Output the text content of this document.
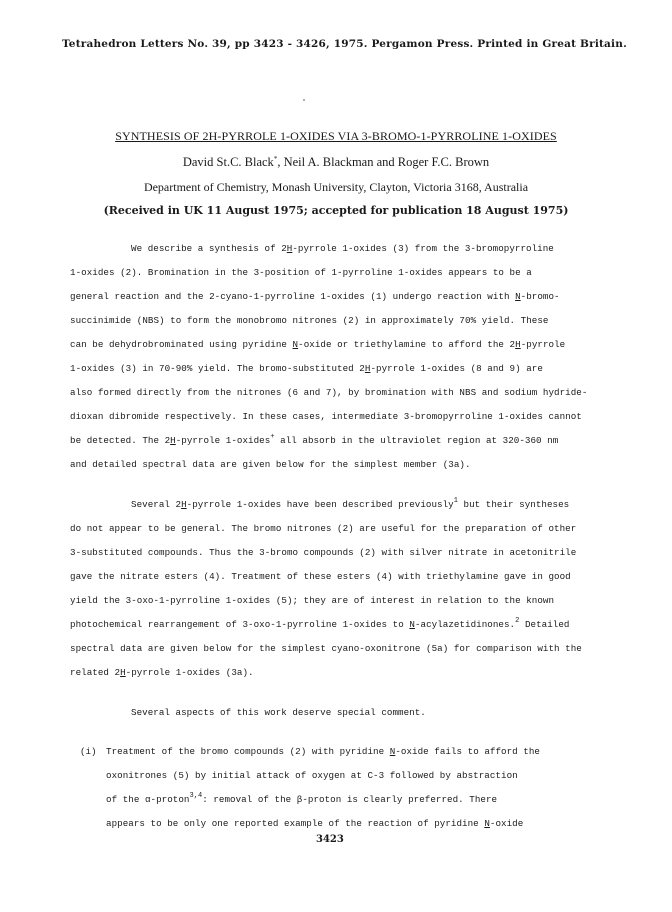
Tetrahedron Letters No. 39, pp 3423 - 3426, 1975. Pergamon Press. Printed in Great Britain.
SYNTHESIS OF 2H-PYRROLE 1-OXIDES VIA 3-BROMO-1-PYRROLINE 1-OXIDES
David St.C. Black*, Neil A. Blackman and Roger F.C. Brown
Department of Chemistry, Monash University, Clayton, Victoria 3168, Australia
(Received in UK 11 August 1975; accepted for publication 18 August 1975)
We describe a synthesis of 2H-pyrrole 1-oxides (3) from the 3-bromopyrroline
1-oxides (2). Bromination in the 3-position of 1-pyrroline 1-oxides appears to be a
general reaction and the 2-cyano-1-pyrroline 1-oxides (1) undergo reaction with N-bromo-
succinimide (NBS) to form the monobromo nitrones (2) in approximately 70% yield. These
can be dehydrobrominated using pyridine N-oxide or triethylamine to afford the 2H-pyrrole
1-oxides (3) in 70-90% yield. The bromo-substituted 2H-pyrrole 1-oxides (8 and 9) are
also formed directly from the nitrones (6 and 7), by bromination with NBS and sodium hydride-
dioxan dibromide respectively. In these cases, intermediate 3-bromopyrroline 1-oxides cannot
be detected. The 2H-pyrrole 1-oxides+ all absorb in the ultraviolet region at 320-360 nm
and detailed spectral data are given below for the simplest member (3a).
Several 2H-pyrrole 1-oxides have been described previously$^1$ but their syntheses
do not appear to be general. The bromo nitrones (2) are useful for the preparation of other
3-substituted compounds. Thus the 3-bromo compounds (2) with silver nitrate in acetonitrile
gave the nitrate esters (4). Treatment of these esters (4) with triethylamine gave in good
yield the 3-oxo-1-pyrroline 1-oxides (5); they are of interest in relation to the known
photochemical rearrangement of 3-oxo-1-pyrroline 1-oxides to N-acylazetidinones.$^2$ Detailed
spectral data are given below for the simplest cyano-oxonitrone (5a) for comparison with the
related 2H-pyrrole 1-oxides (3a).
Several aspects of this work deserve special comment.
(i) Treatment of the bromo compounds (2) with pyridine N-oxide fails to afford the
oxonitrones (5) by initial attack of oxygen at C-3 followed by abstraction
of the α-proton$^{3,4}$: removal of the β-proton is clearly preferred. There
appears to be only one reported example of the reaction of pyridine N-oxide
3423
